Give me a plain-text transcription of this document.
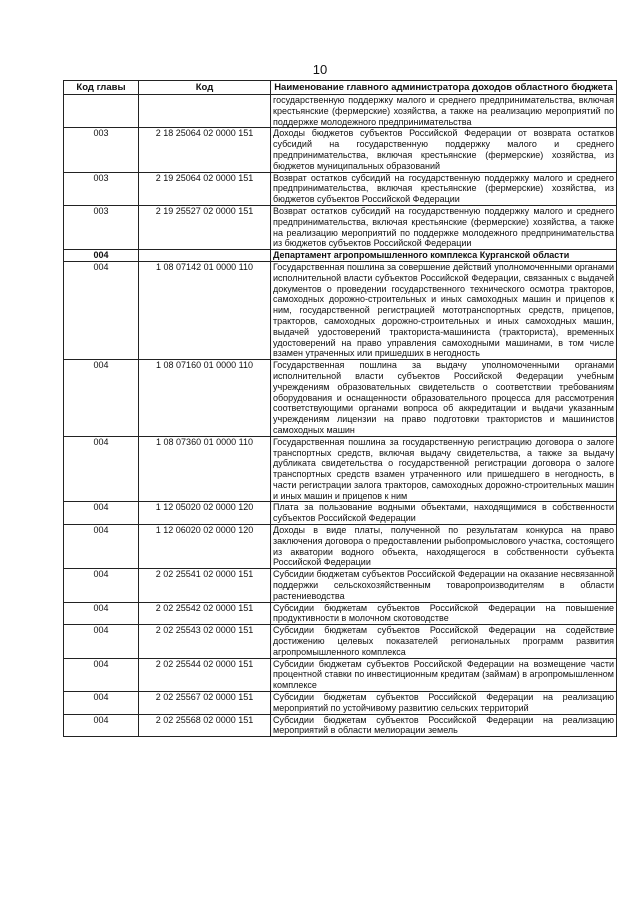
10
Код главы	Код	Наименование главного администратора доходов областного бюджета
		государственную поддержку малого и среднего предпринимательства, включая крестьянские (фермерские) хозяйства, а также на реализацию мероприятий по поддержке молодежного предпринимательства
003	2 18 25064 02 0000 151	Доходы бюджетов субъектов Российской Федерации от возврата остатков субсидий на государственную поддержку малого и среднего предпринимательства, включая крестьянские (фермерские) хозяйства, из бюджетов муниципальных образований
003	2 19 25064 02 0000 151	Возврат остатков субсидий на государственную поддержку малого и среднего предпринимательства, включая крестьянские (фермерские) хозяйства, из бюджетов субъектов Российской Федерации
003	2 19 25527 02 0000 151	Возврат остатков субсидий на государственную поддержку малого и среднего предпринимательства, включая крестьянские (фермерские) хозяйства, а также на реализацию мероприятий по поддержке молодежного предпринимательства из бюджетов субъектов Российской Федерации
004		Департамент агропромышленного комплекса Курганской области
004	1 08 07142 01 0000 110	Государственная пошлина за совершение действий уполномоченными органами исполнительной власти субъектов Российской Федерации, связанных с выдачей документов о проведении государственного технического осмотра тракторов, самоходных дорожно-строительных и иных самоходных машин и прицепов к ним, государственной регистрацией мототранспортных средств, прицепов, тракторов, самоходных дорожно-строительных и иных самоходных машин, выдачей удостоверений тракториста-машиниста (тракториста), временных удостоверений на право управления самоходными машинами, в том числе взамен утраченных или пришедших в негодность
004	1 08 07160 01 0000 110	Государственная пошлина за выдачу уполномоченными органами исполнительной власти субъектов Российской Федерации учебным учреждениям образовательных свидетельств о соответствии требованиям оборудования и оснащенности образовательного процесса для рассмотрения соответствующими органами вопроса об аккредитации и выдачи указанным учреждениям лицензии на право подготовки трактористов и машинистов самоходных машин
004	1 08 07360 01 0000 110	Государственная пошлина за государственную регистрацию договора о залоге транспортных средств, включая выдачу свидетельства, а также за выдачу дубликата свидетельства о государственной регистрации договора о залоге транспортных средств взамен утраченного или пришедшего в негодность, в части регистрации залога тракторов, самоходных дорожно-строительных машин и иных машин и прицепов к ним
004	1 12 05020 02 0000 120	Плата за пользование водными объектами, находящимися в собственности субъектов Российской Федерации
004	1 12 06020 02 0000 120	Доходы в виде платы, полученной по результатам конкурса на право заключения договора о предоставлении рыбопромыслового участка, состоящего из акватории водного объекта, находящегося в собственности субъекта Российской Федерации
004	2 02 25541 02 0000 151	Субсидии бюджетам субъектов Российской Федерации на оказание несвязанной поддержки сельскохозяйственным товаропроизводителям в области растениеводства
004	2 02 25542 02 0000 151	Субсидии бюджетам субъектов Российской Федерации на повышение продуктивности в молочном скотоводстве
004	2 02 25543 02 0000 151	Субсидии бюджетам субъектов Российской Федерации на содействие достижению целевых показателей региональных программ развития агропромышленного комплекса
004	2 02 25544 02 0000 151	Субсидии бюджетам субъектов Российской Федерации на возмещение части процентной ставки по инвестиционным кредитам (займам) в агропромышленном комплексе
004	2 02 25567 02 0000 151	Субсидии бюджетам субъектов Российской Федерации на реализацию мероприятий по устойчивому развитию сельских территорий
004	2 02 25568 02 0000 151	Субсидии бюджетам субъектов Российской Федерации на реализацию мероприятий в области мелиорации земель
